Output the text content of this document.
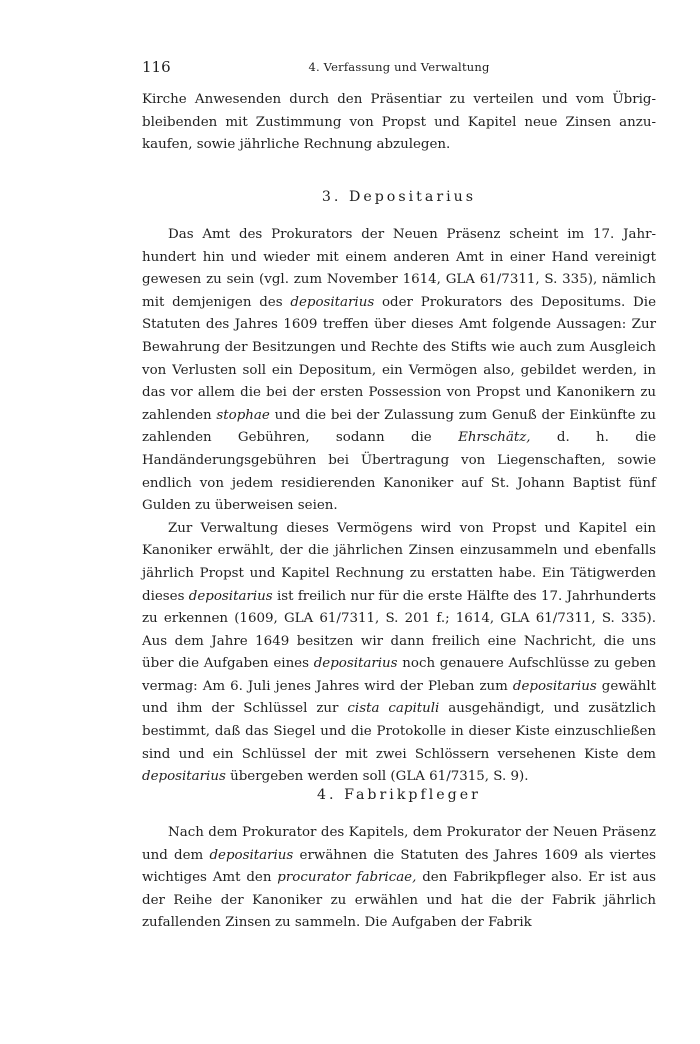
116	4. Verfassung und Verwaltung

Kirche Anwesenden durch den Präsentiar zu verteilen und vom Übrigbleibenden mit Zustimmung von Propst und Kapitel neue Zinsen anzukaufen, sowie jährliche Rechnung abzulegen.

3. Depositarius

Das Amt des Prokurators der Neuen Präsenz scheint im 17. Jahrhundert hin und wieder mit einem anderen Amt in einer Hand vereinigt gewesen zu sein (vgl. zum November 1614, GLA 61/7311, S. 335), nämlich mit demjenigen des depositarius oder Prokurators des Depositums. Die Statuten des Jahres 1609 treffen über dieses Amt folgende Aussagen: Zur Bewahrung der Besitzungen und Rechte des Stifts wie auch zum Ausgleich von Verlusten soll ein Depositum, ein Vermögen also, gebildet werden, in das vor allem die bei der ersten Possession von Propst und Kanonikern zu zahlenden stophae und die bei der Zulassung zum Genuß der Einkünfte zu zahlenden Gebühren, sodann die Ehrschätz, d. h. die Handänderungsgebühren bei Übertragung von Liegenschaften, sowie endlich von jedem residierenden Kanoniker auf St. Johann Baptist fünf Gulden zu überweisen seien.

Zur Verwaltung dieses Vermögens wird von Propst und Kapitel ein Kanoniker erwählt, der die jährlichen Zinsen einzusammeln und ebenfalls jährlich Propst und Kapitel Rechnung zu erstatten habe. Ein Tätigwerden dieses depositarius ist freilich nur für die erste Hälfte des 17. Jahrhunderts zu erkennen (1609, GLA 61/7311, S. 201 f.; 1614, GLA 61/7311, S. 335). Aus dem Jahre 1649 besitzen wir dann freilich eine Nachricht, die uns über die Aufgaben eines depositarius noch genauere Aufschlüsse zu geben vermag: Am 6. Juli jenes Jahres wird der Pleban zum depositarius gewählt und ihm der Schlüssel zur cista capituli ausgehändigt, und zusätzlich bestimmt, daß das Siegel und die Protokolle in dieser Kiste einzuschließen sind und ein Schlüssel der mit zwei Schlössern versehenen Kiste dem depositarius übergeben werden soll (GLA 61/7315, S. 9).

4. Fabrikpfleger

Nach dem Prokurator des Kapitels, dem Prokurator der Neuen Präsenz und dem depositarius erwähnen die Statuten des Jahres 1609 als viertes wichtiges Amt den procurator fabricae, den Fabrikpfleger also. Er ist aus der Reihe der Kanoniker zu erwählen und hat die der Fabrik jährlich zufallenden Zinsen zu sammeln. Die Aufgaben der Fabrik
